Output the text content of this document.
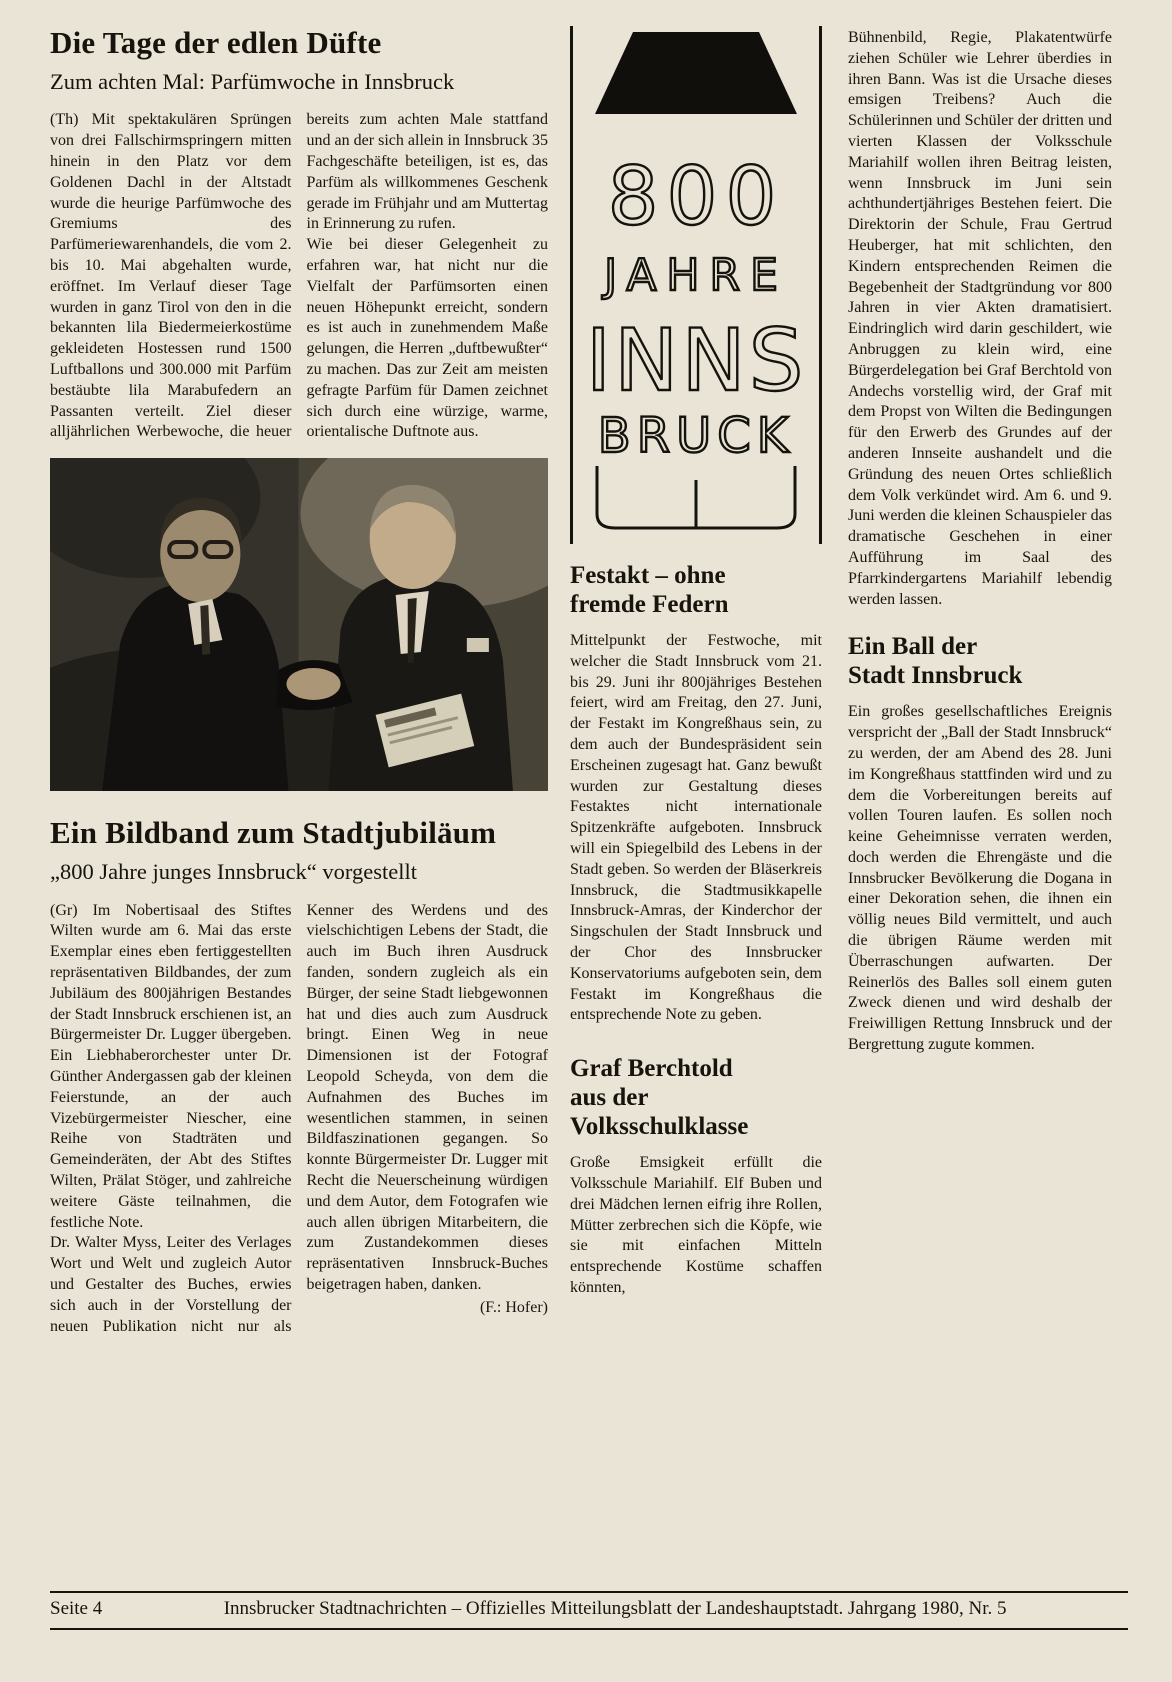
Die Tage der edlen Düfte
Zum achten Mal: Parfümwoche in Innsbruck

(Th) Mit spektakulären Sprüngen von drei Fallschirmspringern mitten hinein in den Platz vor dem Goldenen Dachl in der Altstadt wurde die heurige Parfümwoche des Gremiums des Parfümeriewarenhandels, die vom 2. bis 10. Mai abgehalten wurde, eröffnet. Im Verlauf dieser Tage wurden in ganz Tirol von den in die bekannten lila Biedermeierkostüme gekleideten Hostessen rund 1500 Luftballons und 300.000 mit Parfüm bestäubte lila Marabufedern an Passanten verteilt. Ziel dieser alljährlichen Werbewoche, die heuer bereits zum achten Male stattfand und an der sich allein in Innsbruck 35 Fachgeschäfte beteiligen, ist es, das Parfüm als willkommenes Geschenk gerade im Frühjahr und am Muttertag in Erinnerung zu rufen.

Wie bei dieser Gelegenheit zu erfahren war, hat nicht nur die Vielfalt der Parfümsorten einen neuen Höhepunkt erreicht, sondern es ist auch in zunehmendem Maße gelungen, die Herren „duftbewußter“ zu machen. Das zur Zeit am meisten gefragte Parfüm für Damen zeichnet sich durch eine würzige, warme, orientalische Duftnote aus.

Ein Bildband zum Stadtjubiläum
„800 Jahre junges Innsbruck“ vorgestellt

(Gr) Im Nobertisaal des Stiftes Wilten wurde am 6. Mai das erste Exemplar eines eben fertiggestellten repräsentativen Bildbandes, der zum Jubiläum des 800jährigen Bestandes der Stadt Innsbruck erschienen ist, an Bürgermeister Dr. Lugger übergeben. Ein Liebhaberorchester unter Dr. Günther Andergassen gab der kleinen Feierstunde, an der auch Vizebürgermeister Niescher, eine Reihe von Stadträten und Gemeinderäten, der Abt des Stiftes Wilten, Prälat Stöger, und zahlreiche weitere Gäste teilnahmen, die festliche Note.

Dr. Walter Myss, Leiter des Verlages Wort und Welt und zugleich Autor und Gestalter des Buches, erwies sich auch in der Vorstellung der neuen Publikation nicht nur als Kenner des Werdens und des vielschichtigen Lebens der Stadt, die auch im Buch ihren Ausdruck fanden, sondern zugleich als ein Bürger, der seine Stadt liebgewonnen hat und dies auch zum Ausdruck bringt. Einen Weg in neue Dimensionen ist der Fotograf Leopold Scheyda, von dem die Aufnahmen des Buches im wesentlichen stammen, in seinen Bildfaszinationen gegangen. So konnte Bürgermeister Dr. Lugger mit Recht die Neuerscheinung würdigen und dem Autor, dem Fotografen wie auch allen übrigen Mitarbeitern, die zum Zustandekommen dieses repräsentativen Innsbruck-Buches beigetragen haben, danken.

(F.: Hofer)

800
JAHRE
INNS
BRUCK
Festakt – ohne
fremde Federn

Mittelpunkt der Festwoche, mit welcher die Stadt Innsbruck vom 21. bis 29. Juni ihr 800jähriges Bestehen feiert, wird am Freitag, den 27. Juni, der Festakt im Kongreßhaus sein, zu dem auch der Bundespräsident sein Erscheinen zugesagt hat. Ganz bewußt wurden zur Gestaltung dieses Festaktes nicht internationale Spitzenkräfte aufgeboten. Innsbruck will ein Spiegelbild des Lebens in der Stadt geben. So werden der Bläserkreis Innsbruck, die Stadtmusikkapelle Innsbruck-Amras, der Kinderchor der Singschulen der Stadt Innsbruck und der Chor des Innsbrucker Konservatoriums aufgeboten sein, dem Festakt im Kongreßhaus die entsprechende Note zu geben.

Graf Berchtold
aus der
Volksschulklasse

Große Emsigkeit erfüllt die Volksschule Mariahilf. Elf Buben und drei Mädchen lernen eifrig ihre Rollen, Mütter zerbrechen sich die Köpfe, wie sie mit einfachen Mitteln entsprechende Kostüme schaffen könnten,

Bühnenbild, Regie, Plakatentwürfe ziehen Schüler wie Lehrer überdies in ihren Bann. Was ist die Ursache dieses emsigen Treibens? Auch die Schülerinnen und Schüler der dritten und vierten Klassen der Volksschule Mariahilf wollen ihren Beitrag leisten, wenn Innsbruck im Juni sein achthundertjähriges Bestehen feiert. Die Direktorin der Schule, Frau Gertrud Heuberger, hat mit schlichten, den Kindern entsprechenden Reimen die Begebenheit der Stadtgründung vor 800 Jahren in vier Akten dramatisiert. Eindringlich wird darin geschildert, wie Anbruggen zu klein wird, eine Bürgerdelegation bei Graf Berchtold von Andechs vorstellig wird, der Graf mit dem Propst von Wilten die Bedingungen für den Erwerb des Grundes auf der anderen Innseite aushandelt und die Gründung des neuen Ortes schließlich dem Volk verkündet wird. Am 6. und 9. Juni werden die kleinen Schauspieler das dramatische Geschehen in einer Aufführung im Saal des Pfarrkindergartens Mariahilf lebendig werden lassen.

Ein Ball der
Stadt Innsbruck

Ein großes gesellschaftliches Ereignis verspricht der „Ball der Stadt Innsbruck“ zu werden, der am Abend des 28. Juni im Kongreßhaus stattfinden wird und zu dem die Vorbereitungen bereits auf vollen Touren laufen. Es sollen noch keine Geheimnisse verraten werden, doch werden die Ehrengäste und die Innsbrucker Bevölkerung die Dogana in einer Dekoration sehen, die ihnen ein völlig neues Bild vermittelt, und auch die übrigen Räume werden mit Überraschungen aufwarten. Der Reinerlös des Balles soll einem guten Zweck dienen und wird deshalb der Freiwilligen Rettung Innsbruck und der Bergrettung zugute kommen.

Seite 4	Innsbrucker Stadtnachrichten – Offizielles Mitteilungsblatt der Landeshauptstadt. Jahrgang 1980, Nr. 5
